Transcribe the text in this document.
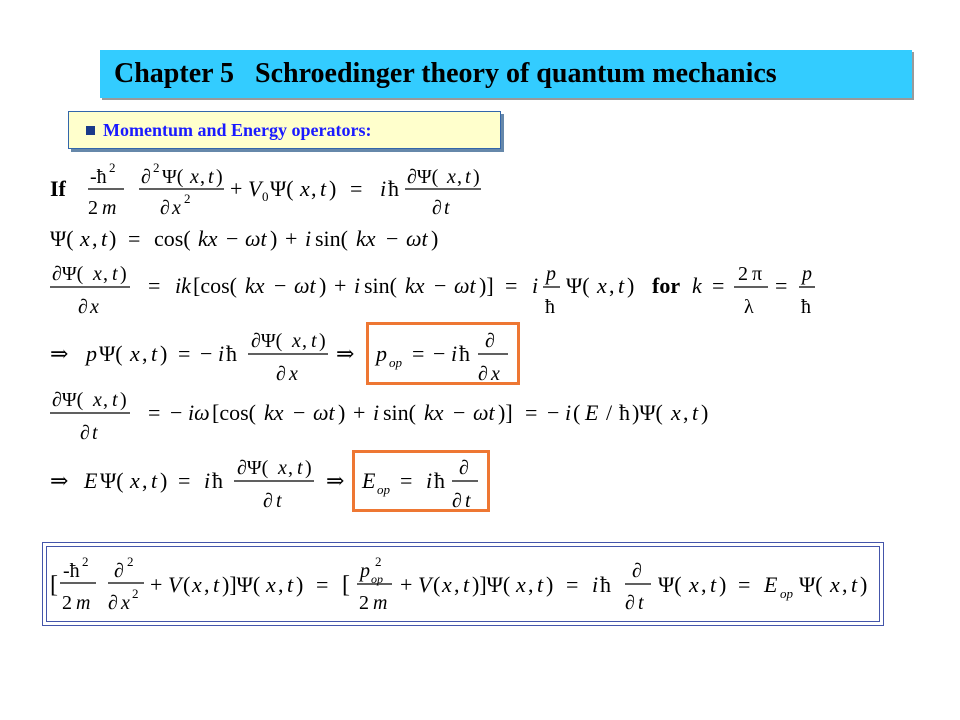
Chapter 5   Schroedinger theory of quantum mechanics
Momentum and Energy operators:
If -ħ 2
2 m
∂ 2 Ψ( x , t )
∂ x 2 + V 0 Ψ( x , t ) = i ħ ∂Ψ( x , t )
∂ t
Ψ( x , t ) = cos( kx − ωt ) + i sin( kx − ωt )
∂Ψ( x , t )
∂ x
= ik [cos( kx − ωt ) + i sin( kx − ωt )] = i p
ħ
Ψ( x , t ) for k = 2 π
λ
= p
ħ
⇒ p Ψ( x , t ) = − i ħ ∂Ψ( x , t )
∂ x
⇒ p op = − i ħ ∂
∂ x
∂Ψ( x , t )
∂ t
= − iω [cos( kx − ωt ) + i sin( kx − ωt )] = − i ( E / ħ )Ψ( x , t )
⇒ E Ψ( x , t ) = i ħ ∂Ψ( x , t )
∂ t
⇒ E op = i ħ ∂
∂ t
[
-ħ 2
2 m
∂ 2
∂ x 2 + V ( x , t )]Ψ( x , t ) = [
p 2
op
2 m
+ V ( x , t )]Ψ( x , t ) = i ħ
∂
∂ t
Ψ( x , t ) = E op Ψ( x , t )
